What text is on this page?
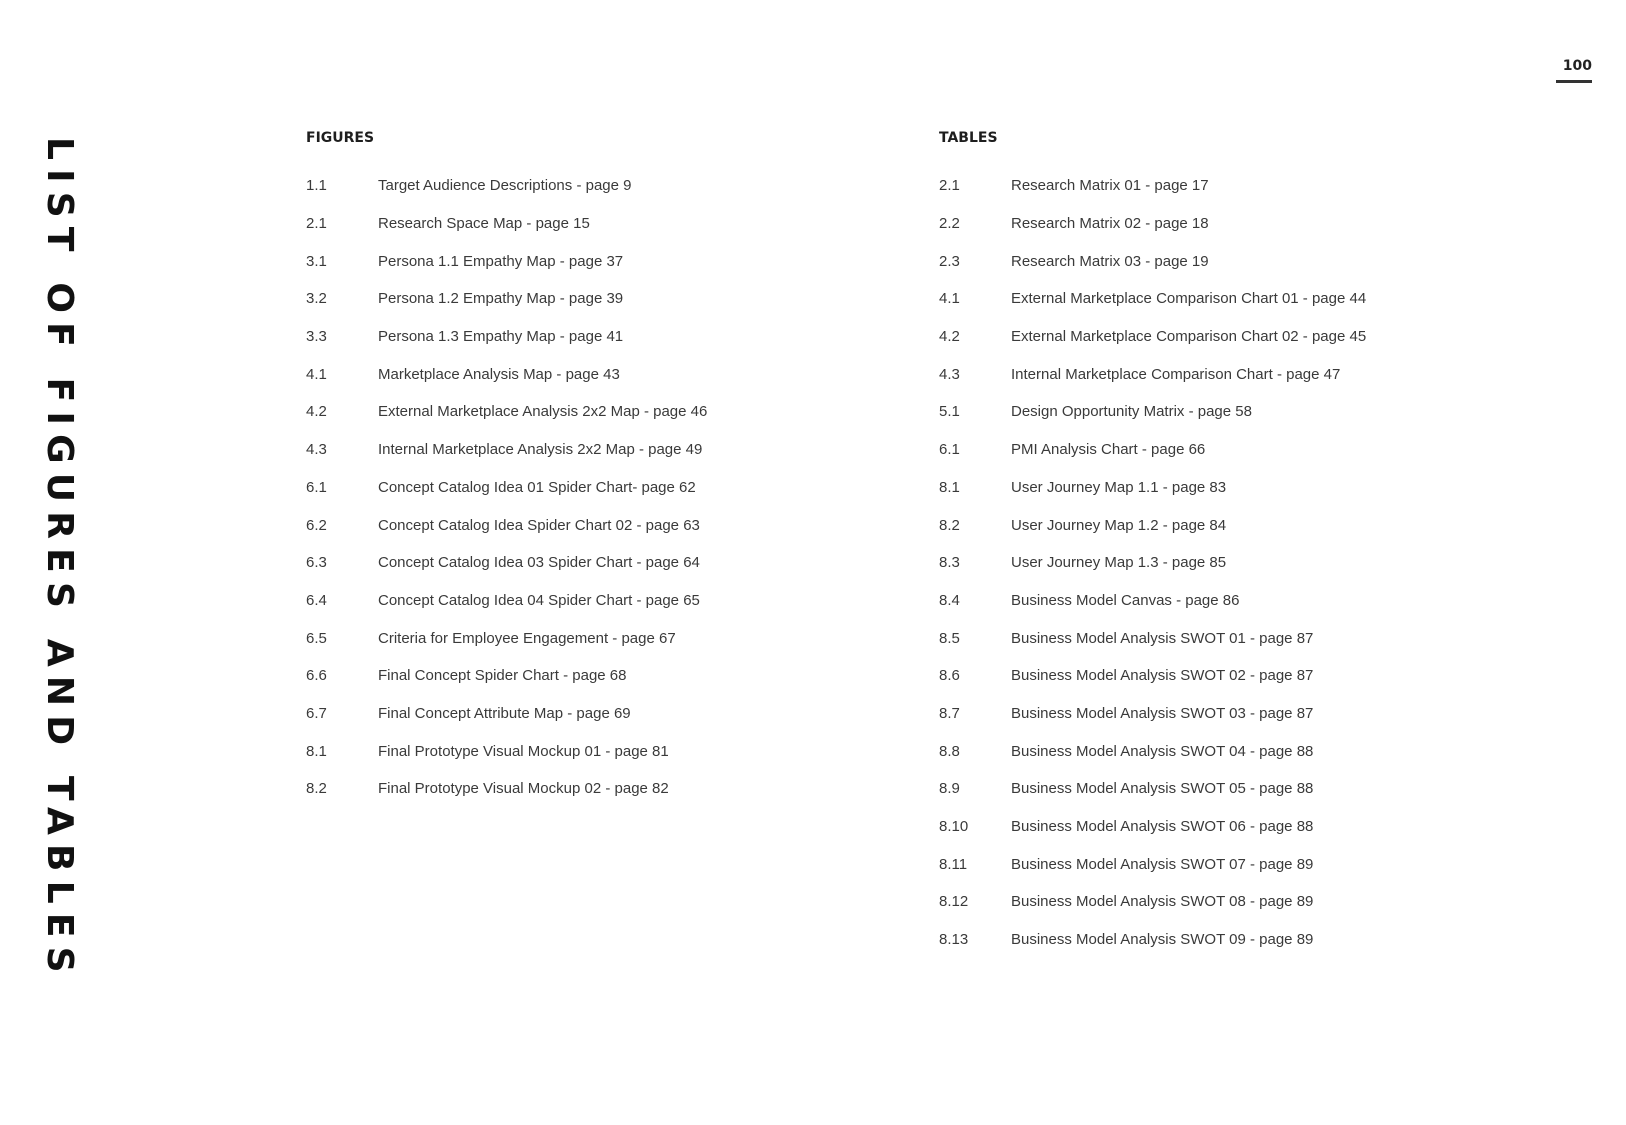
LIST OF FIGURES AND TABLES
100
FIGURES
1.1	Target Audience Descriptions - page 9
2.1	Research Space Map - page 15
3.1	Persona 1.1 Empathy Map - page 37
3.2	Persona 1.2 Empathy Map - page 39
3.3	Persona 1.3 Empathy Map - page 41
4.1	Marketplace Analysis Map - page 43
4.2	External Marketplace Analysis 2x2 Map - page 46
4.3	Internal Marketplace Analysis 2x2 Map - page 49
6.1	Concept Catalog Idea 01 Spider Chart- page 62
6.2	Concept Catalog Idea Spider Chart 02 - page 63
6.3	Concept Catalog Idea 03 Spider Chart - page 64
6.4	Concept Catalog Idea 04 Spider Chart - page 65
6.5	Criteria for Employee Engagement - page 67
6.6	Final Concept Spider Chart - page 68
6.7	Final Concept Attribute Map - page 69
8.1	Final Prototype Visual Mockup 01 - page 81
8.2	Final Prototype Visual Mockup 02 - page 82
TABLES
2.1	Research Matrix 01 - page 17
2.2	Research Matrix 02 - page 18
2.3	Research Matrix 03 - page 19
4.1	External Marketplace Comparison Chart 01 - page 44
4.2	External Marketplace Comparison Chart 02 - page 45
4.3	Internal Marketplace Comparison Chart - page 47
5.1	Design Opportunity Matrix - page 58
6.1	PMI Analysis Chart - page 66
8.1	User Journey Map 1.1 - page 83
8.2	User Journey Map 1.2 - page 84
8.3	User Journey Map 1.3 - page 85
8.4	Business Model Canvas - page 86
8.5	Business Model Analysis SWOT 01 - page 87
8.6	Business Model Analysis SWOT 02 - page 87
8.7	Business Model Analysis SWOT 03 - page 87
8.8	Business Model Analysis SWOT 04 - page 88
8.9	Business Model Analysis SWOT 05 - page 88
8.10	Business Model Analysis SWOT 06 - page 88
8.11	Business Model Analysis SWOT 07 - page 89
8.12	Business Model Analysis SWOT 08 - page 89
8.13	Business Model Analysis SWOT 09 - page 89
